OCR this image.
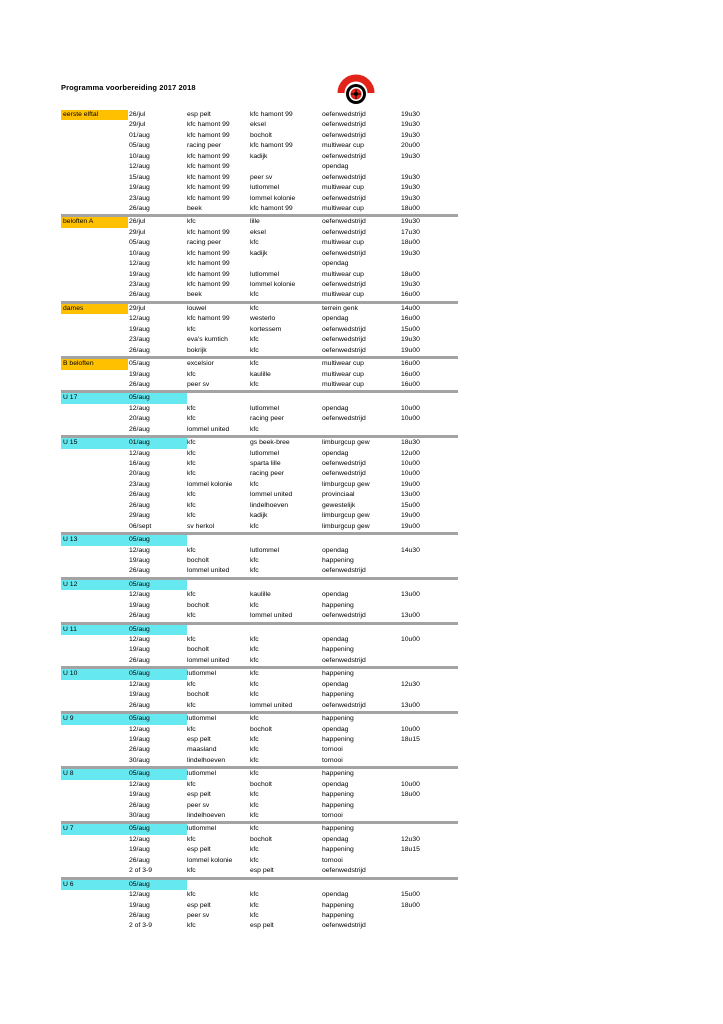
Programma voorbereiding 2017 2018
eerste elftal	26/jul	esp pelt	kfc hamont 99	oefenwedstrijd	19u30
29/jul	kfc hamont 99	eksel	oefenwedstrijd	19u30
01/aug	kfc hamont 99	bocholt	oefenwedstrijd	19u30
05/aug	racing peer	kfc hamont 99	multiwear cup	20u00
10/aug	kfc hamont 99	kadijk	oefenwedstrijd	19u30
12/aug	kfc hamont 99	opendag
15/aug	kfc hamont 99	peer sv	oefenwedstrijd	19u30
19/aug	kfc hamont 99	lutlommel	multiwear cup	19u30
23/aug	kfc hamont 99	lommel kolonie	oefenwedstrijd	19u30
26/aug	beek	kfc hamont 99	multiwear cup	18u00
beloften A	26/jul	kfc	lille	oefenwedstrijd	19u30
29/jul	kfc hamont 99	eksel	oefenwedstrijd	17u30
05/aug	racing peer	kfc	multiwear cup	18u00
10/aug	kfc hamont 99	kadijk	oefenwedstrijd	19u30
12/aug	kfc hamont 99	opendag
19/aug	kfc hamont 99	lutlommel	multiwear cup	18u00
23/aug	kfc hamont 99	lommel kolonie	oefenwedstrijd	19u30
26/aug	beek	kfc	multiwear cup	16u00
dames	29/jul	louwel	kfc	terrein genk	14u00
12/aug	kfc hamont 99	westerlo	opendag	16u00
19/aug	kfc	kortessem	oefenwedstrijd	15u00
23/aug	eva's kumtich	kfc	oefenwedstrijd	19u30
26/aug	bokrijk	kfc	oefenwedstrijd	19u00
B beloften	05/aug	excelsior	kfc	multiwear cup	16u00
19/aug	kfc	kaulille	multiwear cup	16u00
26/aug	peer sv	kfc	multiwear cup	16u00
U 17	05/aug
12/aug	kfc	lutlommel	opendag	10u00
20/aug	kfc	racing peer	oefenwedstrijd	10u00
26/aug	lommel united	kfc
U 15	01/aug	kfc	gs beek-bree	limburgcup gew	18u30
12/aug	kfc	lutlommel	opendag	12u00
16/aug	kfc	sparta lille	oefenwedstrijd	10u00
20/aug	kfc	racing peer	oefenwedstrijd	10u00
23/aug	lommel kolonie	kfc	limburgcup gew	19u00
26/aug	kfc	lommel united	provinciaal	13u00
26/aug	kfc	lindelhoeven	gewestelijk	15u00
29/aug	kfc	kadijk	limburgcup gew	19u00
06/sept	sv herkol	kfc	limburgcup gew	19u00
U 13	05/aug
12/aug	kfc	lutlommel	opendag	14u30
19/aug	bocholt	kfc	happening
26/aug	lommel united	kfc	oefenwedstrijd
U 12	05/aug
12/aug	kfc	kaulille	opendag	13u00
19/aug	bocholt	kfc	happening
26/aug	kfc	lommel united	oefenwedstrijd	13u00
U 11	05/aug
12/aug	kfc	kfc	opendag	10u00
19/aug	bocholt	kfc	happening
26/aug	lommel united	kfc	oefenwedstrijd
U 10	05/aug	lutlommel	kfc	happening
12/aug	kfc	kfc	opendag	12u30
19/aug	bocholt	kfc	happening
26/aug	kfc	lommel united	oefenwedstrijd	13u00
U 9	05/aug	lutlommel	kfc	happening
12/aug	kfc	bocholt	opendag	10u00
19/aug	esp pelt	kfc	happening	18u15
26/aug	maasland	kfc	tornooi
30/aug	lindelhoeven	kfc	tornooi
U 8	05/aug	lutlommel	kfc	happening
12/aug	kfc	bocholt	opendag	10u00
19/aug	esp pelt	kfc	happening	18u00
26/aug	peer sv	kfc	happening
30/aug	lindelhoeven	kfc	tornooi
U 7	05/aug	lutlommel	kfc	happening
12/aug	kfc	bocholt	opendag	12u30
19/aug	esp pelt	kfc	happening	18u15
26/aug	lommel kolonie	kfc	tornooi
2 of 3-9	kfc	esp pelt	oefenwedstrijd
U 6	05/aug
12/aug	kfc	kfc	opendag	15u00
19/aug	esp pelt	kfc	happening	18u00
26/aug	peer sv	kfc	happening
2 of 3-9	kfc	esp pelt	oefenwedstrijd
